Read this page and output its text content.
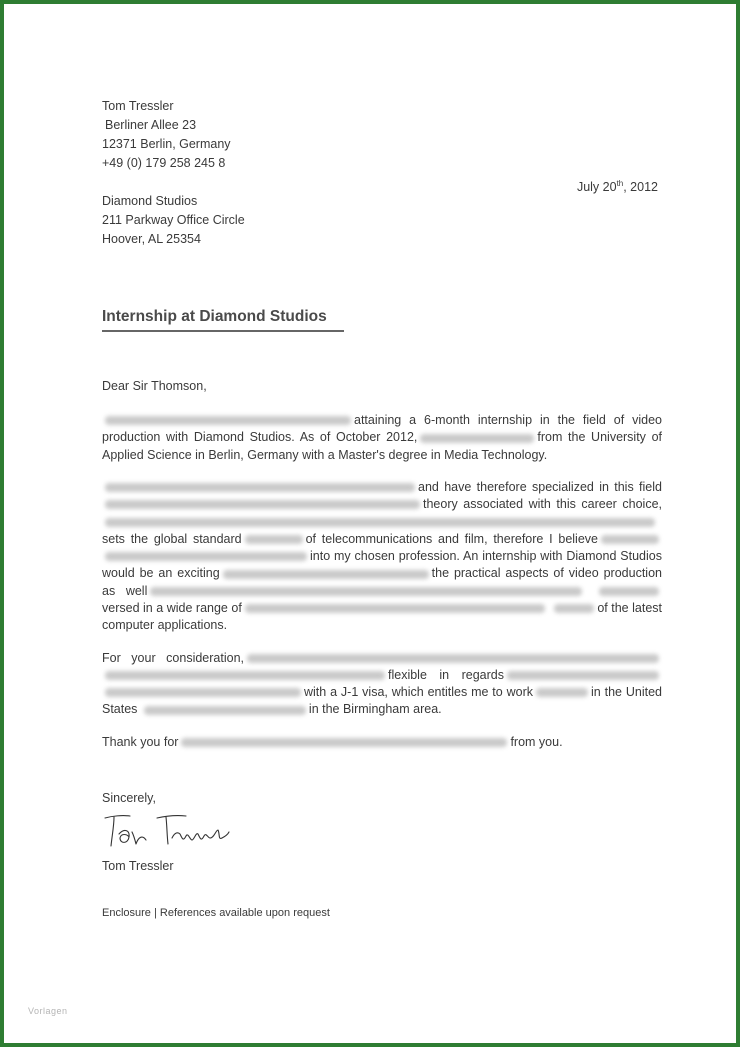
Tom Tressler
Berliner Allee 23
12371 Berlin, Germany
+49 (0) 179 258 245 8
July 20th, 2012
Diamond Studios
211 Parkway Office Circle
Hoover, AL 25354
Internship at Diamond Studios
Dear Sir Thomson,
attaining a 6-month internship in the field of video production with Diamond Studios. As of October 2012,	from the University of Applied Science in Berlin, Germany with a Master's degree in Media Technology.
and have therefore specialized in this field theory associated with this career choice,  sets the global standard	of telecommunications and film, therefore I believe into my chosen profession. An internship with Diamond Studios would be an exciting	the practical aspects of video production as well versed in a wide range of	of the latest computer applications.
For your consideration, flexible in regards with a J-1 visa, which entitles me to work	in the United States	in the Birmingham area.
Thank you for	from you.
Sincerely,
Tom Tressler
Enclosure | References available upon request
Vorlagen
